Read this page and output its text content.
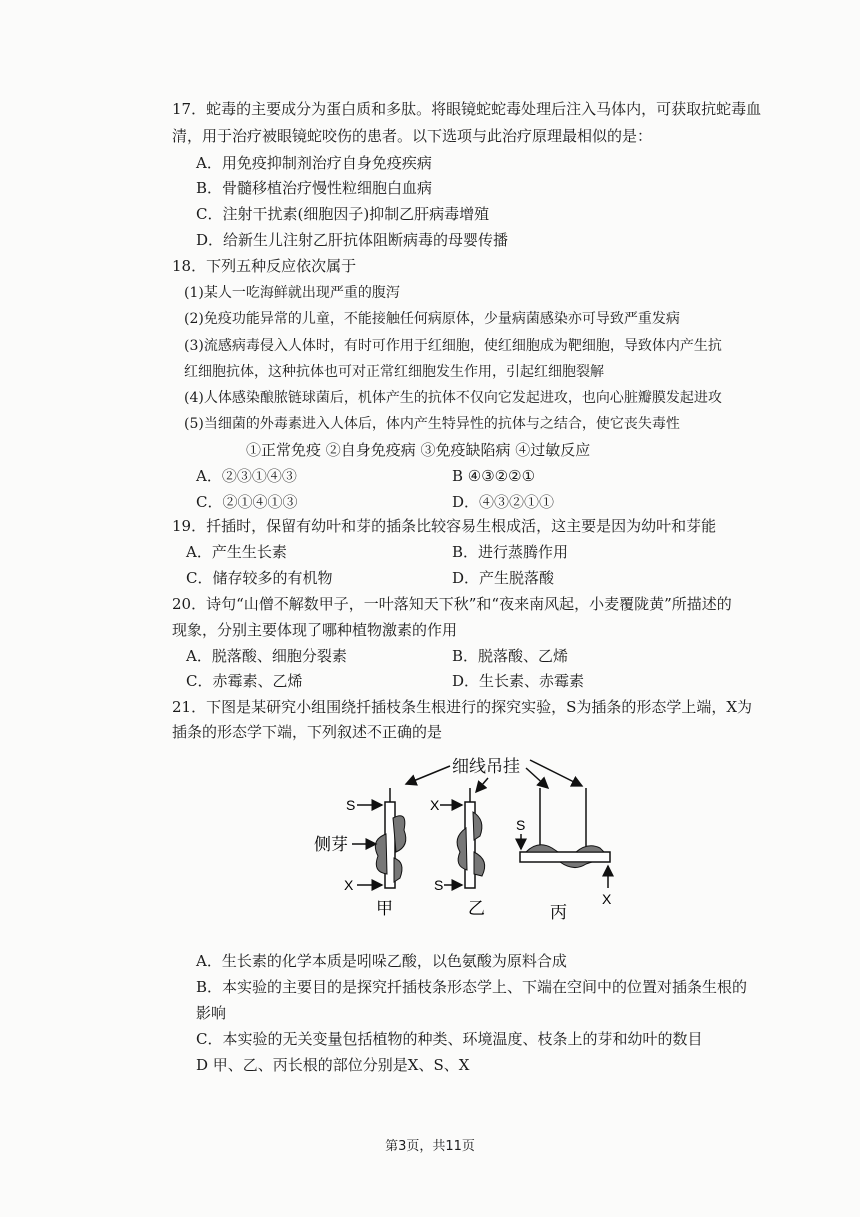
17．蛇毒的主要成分为蛋白质和多肽。将眼镜蛇蛇毒处理后注入马体内，可获取抗蛇毒血
清，用于治疗被眼镜蛇咬伤的患者。以下选项与此治疗原理最相似的是：
A．用免疫抑制剂治疗自身免疫疾病
B．骨髓移植治疗慢性粒细胞白血病
C．注射干扰素(细胞因子)抑制乙肝病毒增殖
D．给新生儿注射乙肝抗体阻断病毒的母婴传播
18．下列五种反应依次属于
(1)某人一吃海鲜就出现严重的腹泻
(2)免疫功能异常的儿童，不能接触任何病原体，少量病菌感染亦可导致严重发病
(3)流感病毒侵入人体时，有时可作用于红细胞，使红细胞成为靶细胞，导致体内产生抗
红细胞抗体，这种抗体也可对正常红细胞发生作用，引起红细胞裂解
(4)人体感染酿脓链球菌后，机体产生的抗体不仅向它发起进攻，也向心脏瓣膜发起进攻
(5)当细菌的外毒素进入人体后，体内产生特异性的抗体与之结合，使它丧失毒性
①正常免疫 ②自身免疫病 ③免疫缺陷病 ④过敏反应
A．②③①④③	B ④③②②①
C．②①④①③	D．④③②①①
19．扦插时，保留有幼叶和芽的插条比较容易生根成活，这主要是因为幼叶和芽能
A．产生生长素	B．进行蒸腾作用
C．储存较多的有机物	D．产生脱落酸
20．诗句“山僧不解数甲子，一叶落知天下秋”和“夜来南风起，小麦覆陇黄”所描述的
现象，分别主要体现了哪种植物激素的作用
A．脱落酸、细胞分裂素	B．脱落酸、乙烯
C．赤霉素、乙烯	D．生长素、赤霉素
21．下图是某研究小组围绕扦插枝条生根进行的探究实验，S为插条的形态学上端，X为
插条的形态学下端，下列叙述不正确的是
细线吊挂
S
侧芽
X
甲
X
S
乙
S
X
丙
A．生长素的化学本质是吲哚乙酸，以色氨酸为原料合成
B．本实验的主要目的是探究扦插枝条形态学上、下端在空间中的位置对插条生根的
影响
C．本实验的无关变量包括植物的种类、环境温度、枝条上的芽和幼叶的数目
D 甲、乙、丙长根的部位分别是X、S、X
第3页，共11页
